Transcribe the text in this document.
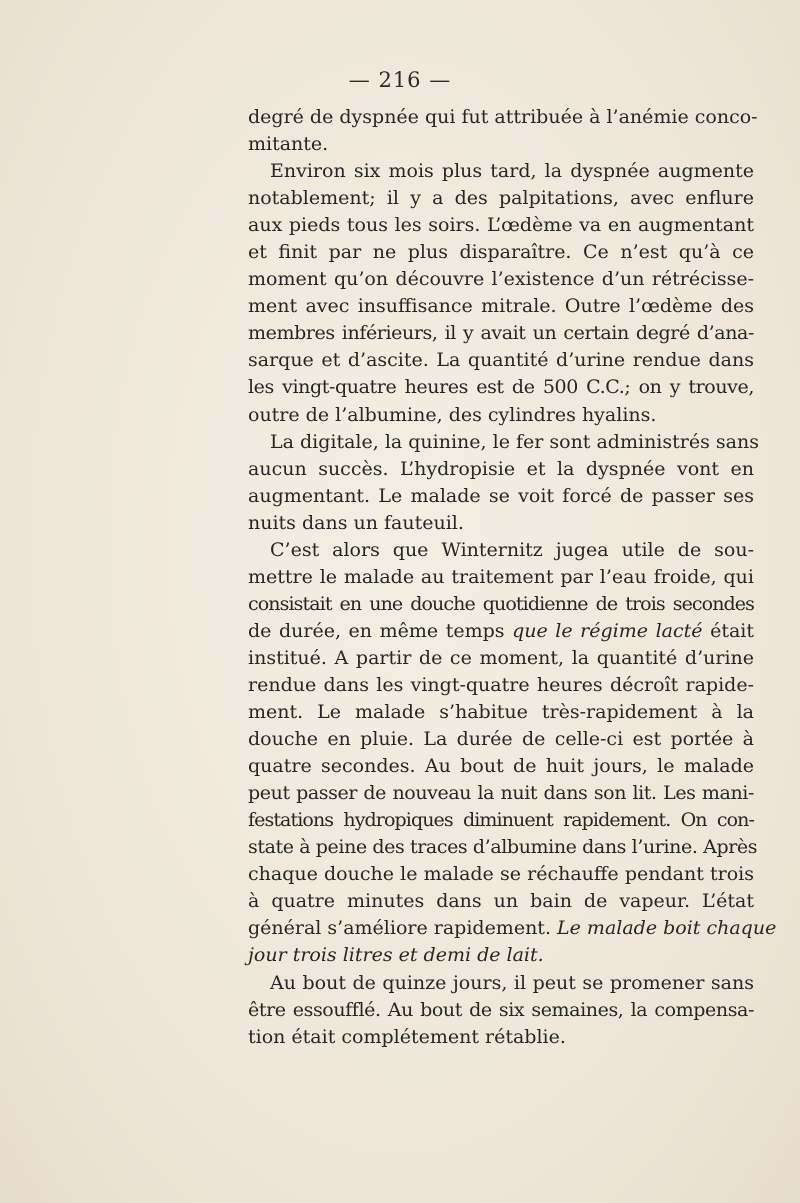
— 216 —
degré de dyspnée qui fut attribuée à l’anémie conco-
mitante.
Environ six mois plus tard, la dyspnée augmente
notablement; il y a des palpitations, avec enflure
aux pieds tous les soirs. L’œdème va en augmentant
et finit par ne plus disparaître. Ce n’est qu’à ce
moment qu’on découvre l’existence d’un rétrécisse-
ment avec insuffisance mitrale. Outre l’œdème des
membres inférieurs, il y avait un certain degré d’ana-
sarque et d’ascite. La quantité d’urine rendue dans
les vingt-quatre heures est de 500 C.C.; on y trouve,
outre de l’albumine, des cylindres hyalins.
La digitale, la quinine, le fer sont administrés sans
aucun succès. L’hydropisie et la dyspnée vont en
augmentant. Le malade se voit forcé de passer ses
nuits dans un fauteuil.
C’est alors que Winternitz jugea utile de sou-
mettre le malade au traitement par l’eau froide, qui
consistait en une douche quotidienne de trois secondes
de durée, en même temps que le régime lacté était
institué. A partir de ce moment, la quantité d’urine
rendue dans les vingt-quatre heures décroît rapide-
ment. Le malade s’habitue très-rapidement à la
douche en pluie. La durée de celle-ci est portée à
quatre secondes. Au bout de huit jours, le malade
peut passer de nouveau la nuit dans son lit. Les mani-
festations hydropiques diminuent rapidement. On con-
state à peine des traces d’albumine dans l’urine. Après
chaque douche le malade se réchauffe pendant trois
à quatre minutes dans un bain de vapeur. L’état
général s’améliore rapidement. Le malade boit chaque
jour trois litres et demi de lait.
Au bout de quinze jours, il peut se promener sans
être essoufflé. Au bout de six semaines, la compensa-
tion était complétement rétablie.
